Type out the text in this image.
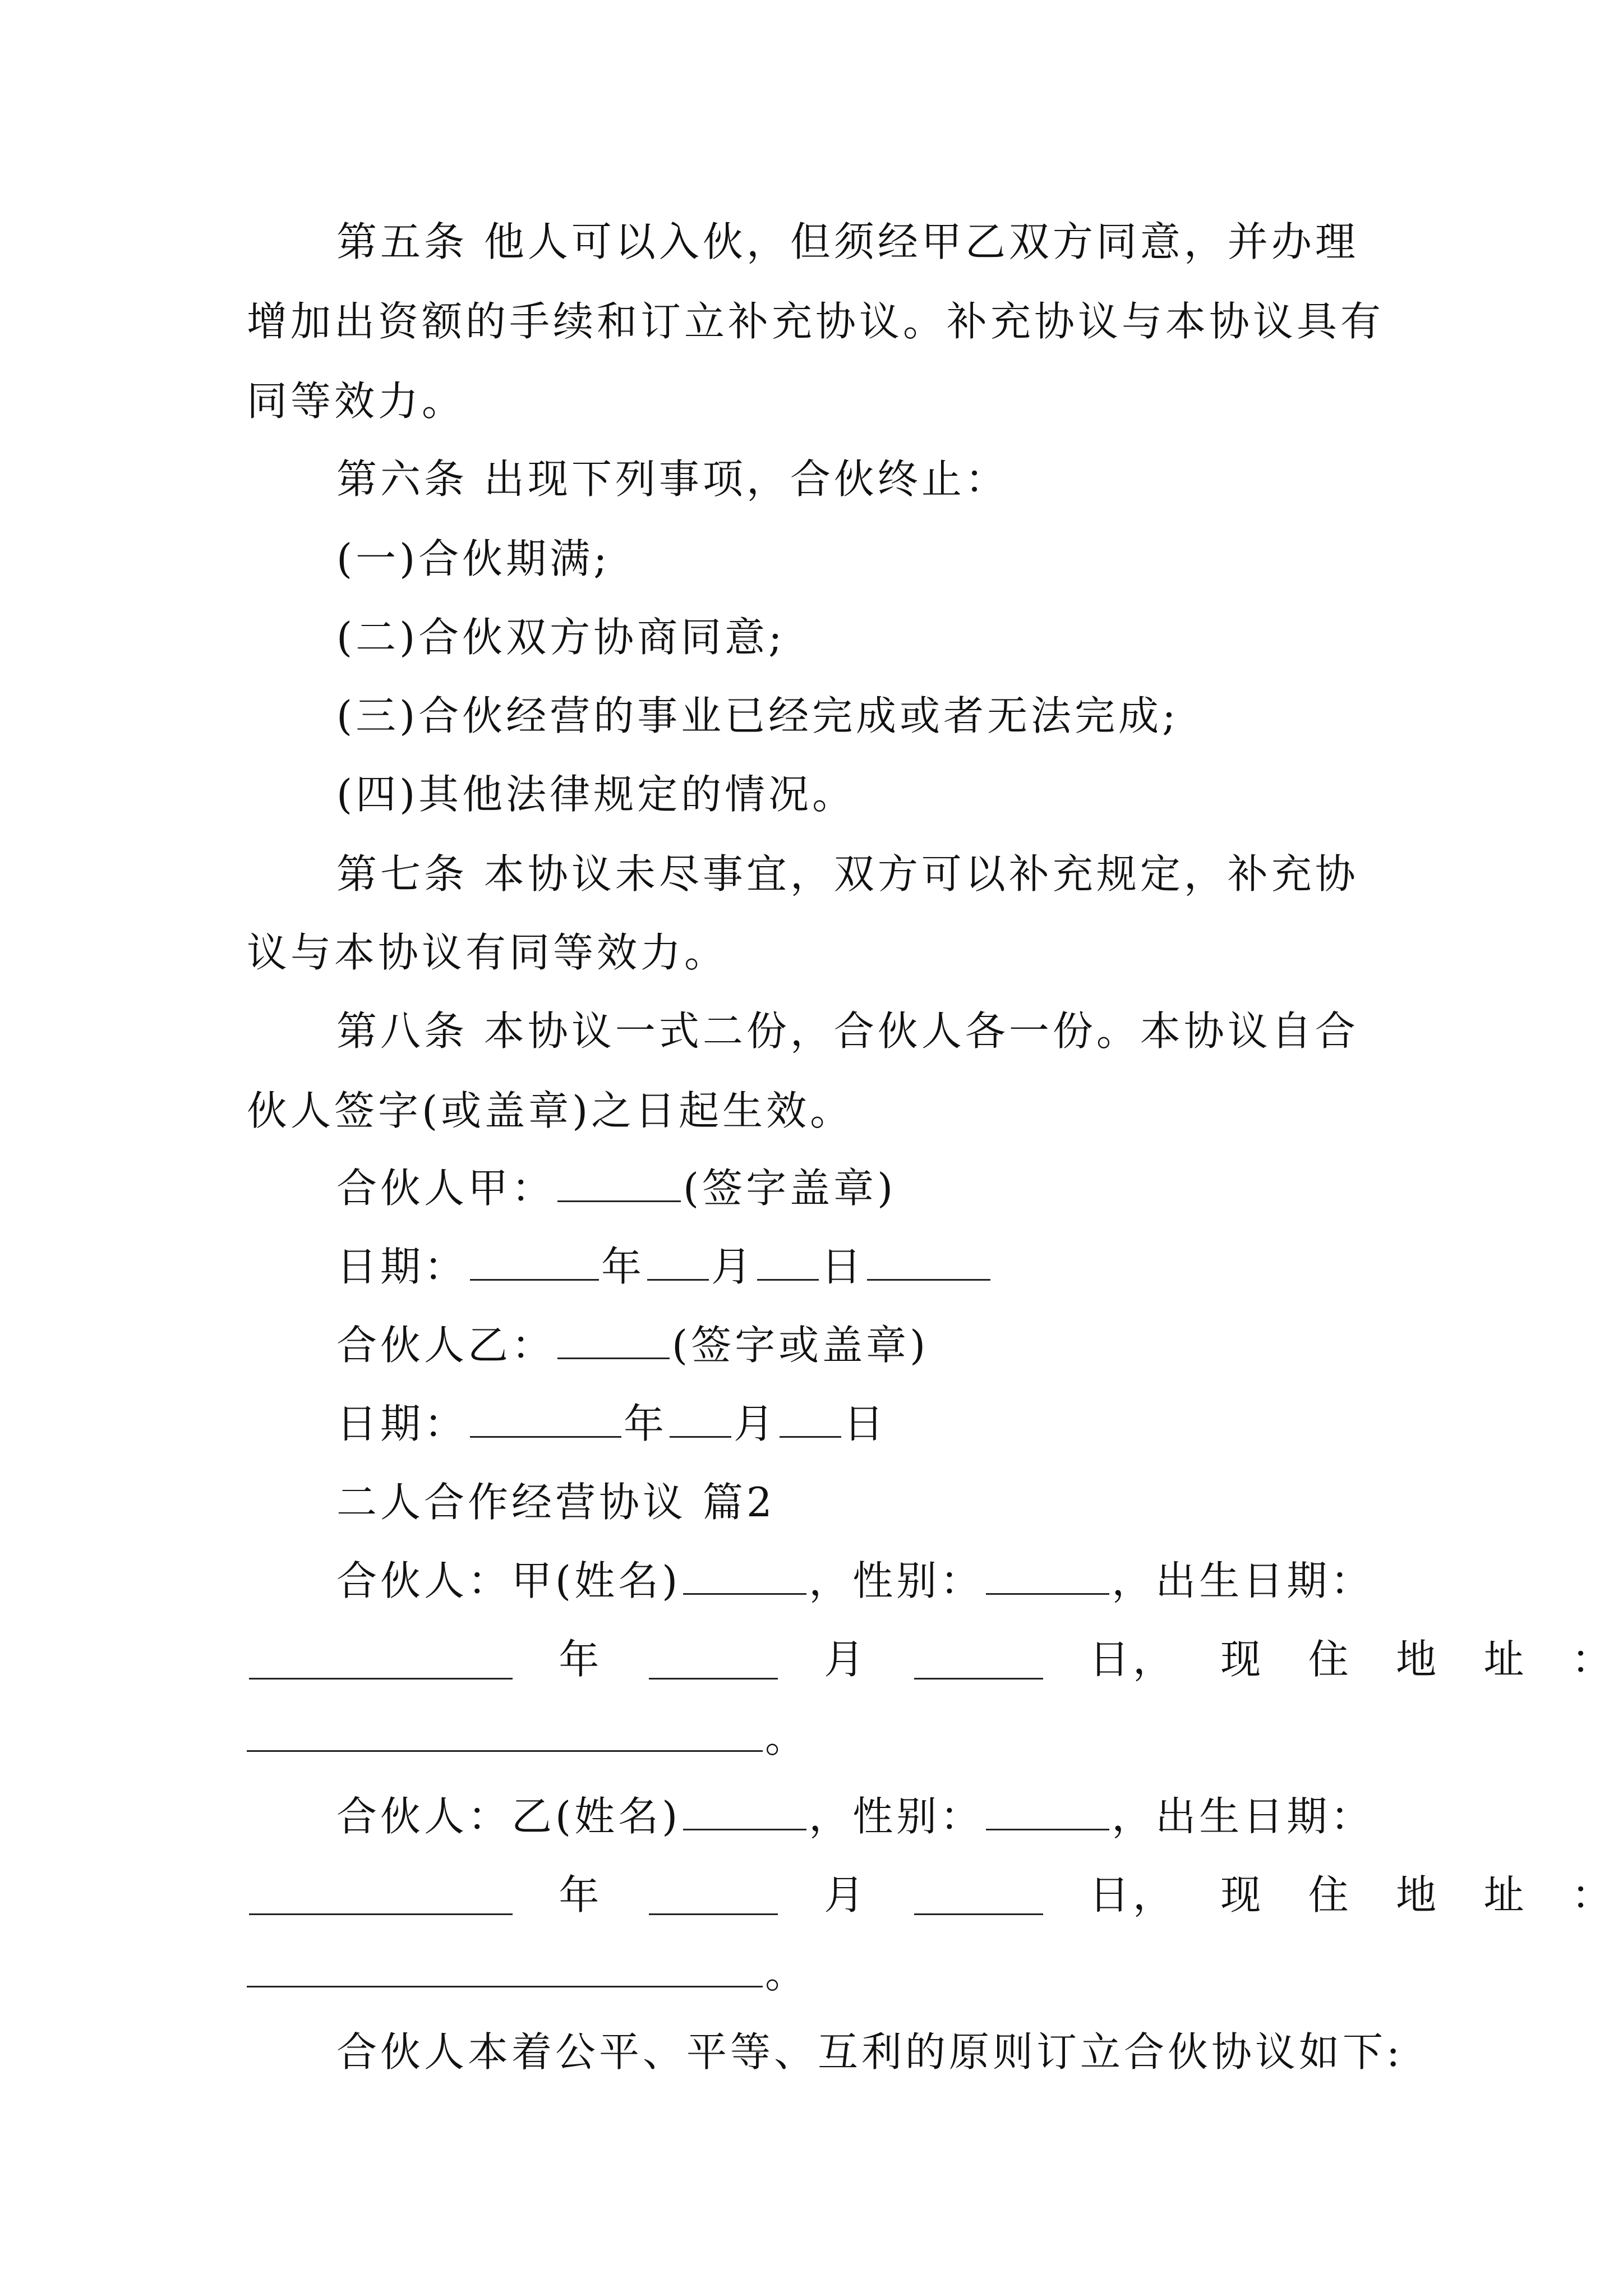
第五条 他人可以入伙，但须经甲乙双方同意，并办理
增加出资额的手续和订立补充协议。补充协议与本协议具有
同等效力。
第六条 出现下列事项，合伙终止：
(一)合伙期满;
(二)合伙双方协商同意;
(三)合伙经营的事业已经完成或者无法完成;
(四)其他法律规定的情况。
第七条 本协议未尽事宜，双方可以补充规定，补充协
议与本协议有同等效力。
第八条 本协议一式二份，合伙人各一份。本协议自合
伙人签字(或盖章)之日起生效。
合伙人甲：	(签字盖章)
日期：	年 月 日
合伙人乙：	(签字或盖章)
日期：	年 月 日
二人合作经营协议 篇2
合伙人：甲(姓名)	，性别：	，出生日期：
年	月	日， 现 住 地 址 ：
。
合伙人：乙(姓名)	，性别：	，出生日期：
年	月	日， 现 住 地 址 ：
。
合伙人本着公平、平等、互利的原则订立合伙协议如下:
